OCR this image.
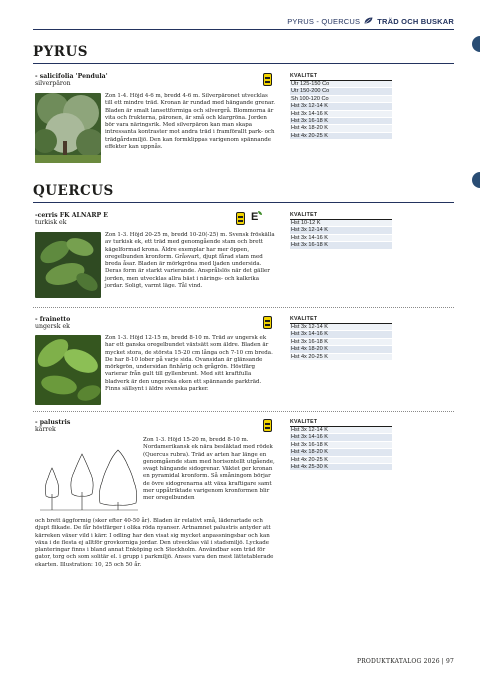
PYRUS - QUERCUS TRÄD OCH BUSKAR
PYRUS
- salicifolia 'Pendula'
silverpäron
Zon 1-4. Höjd 4-6 m, bredd 4-6 m. Silverpäronet utvecklas till ett mindre träd. Kronan är rundad med hängande grenar. Bladen är smalt lansettformiga och silvergrå. Blommorna är vita och frukterna, päronen, är små och klargröna. Jorden bör vara näringsrik. Med silverpäron kan man skapa intressanta kontraster mot andra träd i framförallt park- och trädgårdsmiljö. Den kan formklippas varigenom spännande effekter kan uppnås.
KVALITET
Utr 125-150 Co
Utr 150-200 Co
Sh 100-120 Co
Hst 3x 12-14 K
Hst 3x 14-16 K
Hst 3x 16-18 K
Hst 4x 18-20 K
Hst 4x 20-25 K
QUERCUS
-cerris FK ALNARP E
turkisk ek	E
Zon 1-3. Höjd 20-25 m, bredd 10-20(-25) m. Svensk fröskälla av turkisk ek, ett träd med genomgående stam och brett kägelformad krona. Äldre exemplar har mer öppen, oregelbunden kronform. Gråsvart, djupt fårad stam med breda åsar. Bladen är mörkgröna med ljaden undersida. Deras form är starkt varierande. Ansprålslös när det gäller jorden, men utvecklas allra bäst i närings- och kalkrika jordar. Soligt, varmt läge. Tål vind.
KVALITET
Hst 10-12 K
Hst 3x 12-14 K
Hst 3x 14-16 K
Hst 3x 16-18 K
- frainetto
ungersk ek
Zon 1-3. Höjd 12-15 m, bredd 8-10 m. Träd av ungersk ek har ett ganska oregelbundet växtsätt som äldre. Bladen är mycket stora, de största 15-20 cm långa och 7-10 cm breda. De har 8-10 lober på varje sida. Ovansidan är glänsande mörkgrön, undersidan finhårig och grågrön. Höstfärg varierar från gult till gyllenbrunt. Med sitt kraftfulla bladverk är den ungerska eken ett spännande parkträd. Finns sällsynt i äldre svenska parker.
KVALITET
Hst 3x 12-14 K
Hst 3x 14-16 K
Hst 3x 16-18 K
Hst 4x 18-20 K
Hst 4x 20-25 K
- palustris
kärrek
Zon 1-3. Höjd 15-20 m, bredd 8-10 m. Nordamerikansk ek nära besläktad med rödek (Quercus rubra). Träd av arten har länge en genomgående stam med horisontellt utgående, svagt hängande sidogrenar. Väktet ger kronan en pyramidal kronform. Så småningom börjar de övre sidogrenarna att växa kraftigare samt mer uppåtriktade varigenom kronformen blir mer oregelbunden
och brett äggformig (sker efter 40-50 år). Bladen är relativt små, läderartade och djupt flikade. De får höstfärger i olika röda nyanser. Artnamnet palustris antyder att kärreken växer vild i kärr. I odling har den visat sig mycket anpassningsbar och kan växa i de flesta ej alltför grovkorniga jordar. Den utvecklas väl i stadsmiljö. Lyckade planteringar finns i bland annat Enköping och Stockholm. Användbar som träd för gator, torg och som solitär el. i grupp i parkmiljö. Anses vara den mest lättetablerade ekarten. Illustration: 10, 25 och 50 år.
KVALITET
Hst 3x 12-14 K
Hst 3x 14-16 K
Hst 3x 16-18 K
Hst 4x 18-20 K
Hst 4x 20-25 K
Hst 4x 25-30 K
PRODUKTKATALOG 2026 | 97
